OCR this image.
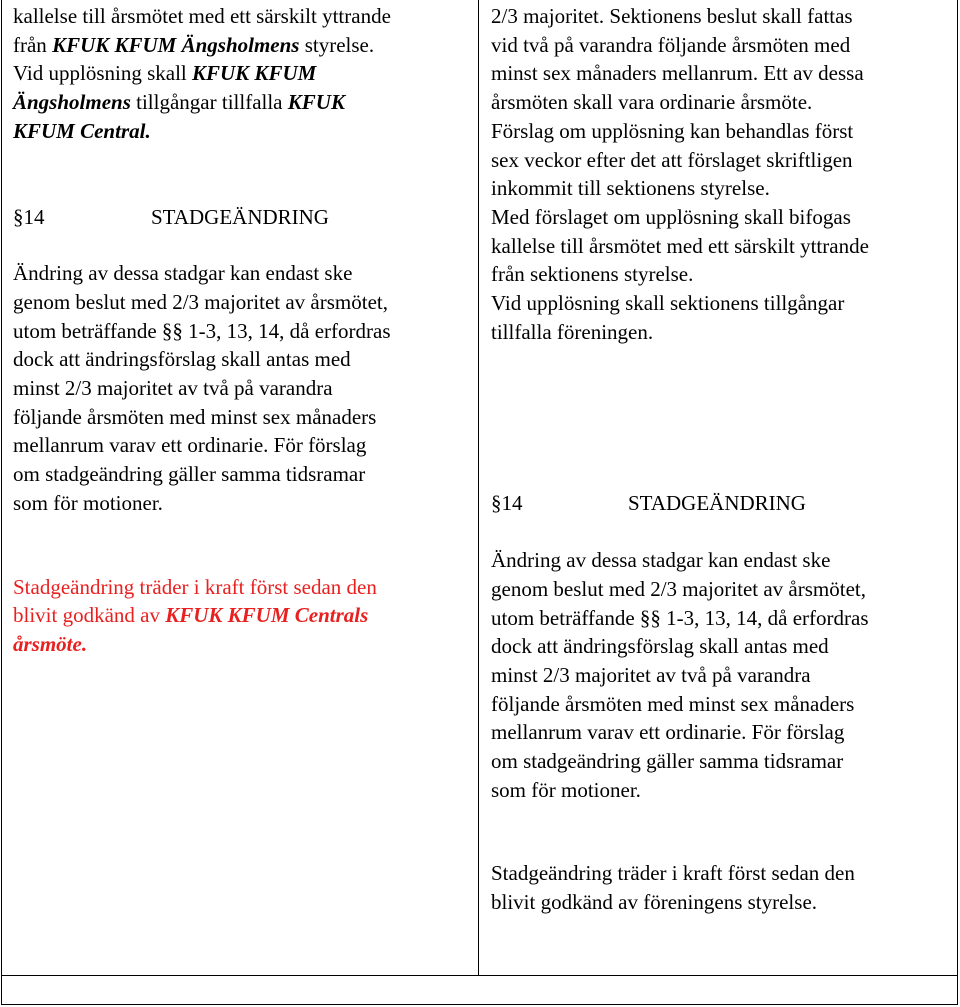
kallelse till årsmötet med ett särskilt yttrande
från KFUK KFUM Ängsholmens styrelse.
Vid upplösning skall KFUK KFUM
Ängsholmens tillgångar tillfalla KFUK
KFUM Central.
§14	STADGEÄNDRING
Ändring av dessa stadgar kan endast ske
genom beslut med 2/3 majoritet av årsmötet,
utom beträffande §§ 1-3, 13, 14, då erfordras
dock att ändringsförslag skall antas med
minst 2/3 majoritet av två på varandra
följande årsmöten med minst sex månaders
mellanrum varav ett ordinarie. För förslag
om stadgeändring gäller samma tidsramar
som för motioner.
Stadgeändring träder i kraft först sedan den
blivit godkänd av KFUK KFUM Centrals
årsmöte.
2/3 majoritet. Sektionens beslut skall fattas
vid två på varandra följande årsmöten med
minst sex månaders mellanrum. Ett av dessa
årsmöten skall vara ordinarie årsmöte.
Förslag om upplösning kan behandlas först
sex veckor efter det att förslaget skriftligen
inkommit till sektionens styrelse.
Med förslaget om upplösning skall bifogas
kallelse till årsmötet med ett särskilt yttrande
från sektionens styrelse.
Vid upplösning skall sektionens tillgångar
tillfalla föreningen.
§14	STADGEÄNDRING
Ändring av dessa stadgar kan endast ske
genom beslut med 2/3 majoritet av årsmötet,
utom beträffande §§ 1-3, 13, 14, då erfordras
dock att ändringsförslag skall antas med
minst 2/3 majoritet av två på varandra
följande årsmöten med minst sex månaders
mellanrum varav ett ordinarie. För förslag
om stadgeändring gäller samma tidsramar
som för motioner.
Stadgeändring träder i kraft först sedan den
blivit godkänd av föreningens styrelse.
